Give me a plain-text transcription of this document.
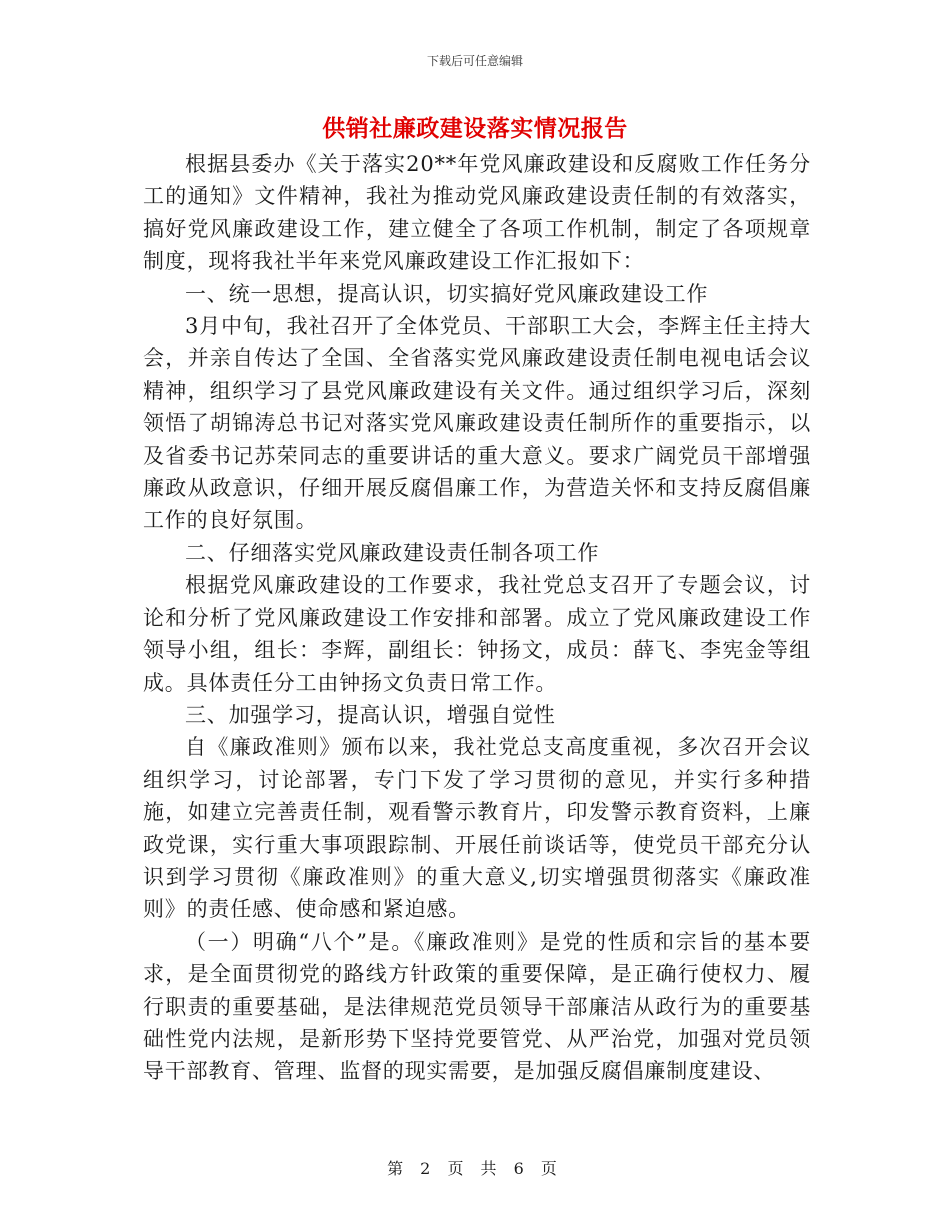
下载后可任意编辑
供销社廉政建设落实情况报告

根据县委办《关于落实20**年党风廉政建设和反腐败工作任务分工的通知》文件精神，我社为推动党风廉政建设责任制的有效落实，搞好党风廉政建设工作，建立健全了各项工作机制，制定了各项规章制度，现将我社半年来党风廉政建设工作汇报如下：

一、统一思想，提高认识，切实搞好党风廉政建设工作

3月中旬，我社召开了全体党员、干部职工大会，李辉主任主持大会，并亲自传达了全国、全省落实党风廉政建设责任制电视电话会议精神，组织学习了县党风廉政建设有关文件。通过组织学习后，深刻领悟了胡锦涛总书记对落实党风廉政建设责任制所作的重要指示，以及省委书记苏荣同志的重要讲话的重大意义。要求广阔党员干部增强廉政从政意识，仔细开展反腐倡廉工作，为营造关怀和支持反腐倡廉工作的良好氛围。

二、仔细落实党风廉政建设责任制各项工作

根据党风廉政建设的工作要求，我社党总支召开了专题会议，讨论和分析了党风廉政建设工作安排和部署。成立了党风廉政建设工作领导小组，组长：李辉，副组长：钟扬文，成员：薛飞、李宪金等组成。具体责任分工由钟扬文负责日常工作。

三、加强学习，提高认识，增强自觉性

自《廉政准则》颁布以来，我社党总支高度重视，多次召开会议组织学习，讨论部署，专门下发了学习贯彻的意见，并实行多种措施，如建立完善责任制，观看警示教育片，印发警示教育资料，上廉政党课，实行重大事项跟踪制、开展任前谈话等，使党员干部充分认识到学习贯彻《廉政准则》的重大意义,切实增强贯彻落实《廉政准则》的责任感、使命感和紧迫感。

（一）明确“八个”是。《廉政准则》是党的性质和宗旨的基本要求，是全面贯彻党的路线方针政策的重要保障，是正确行使权力、履行职责的重要基础，是法律规范党员领导干部廉洁从政行为的重要基础性党内法规，是新形势下坚持党要管党、从严治党，加强对党员领导干部教育、管理、监督的现实需要，是加强反腐倡廉制度建设、

第 2 页 共 6 页
